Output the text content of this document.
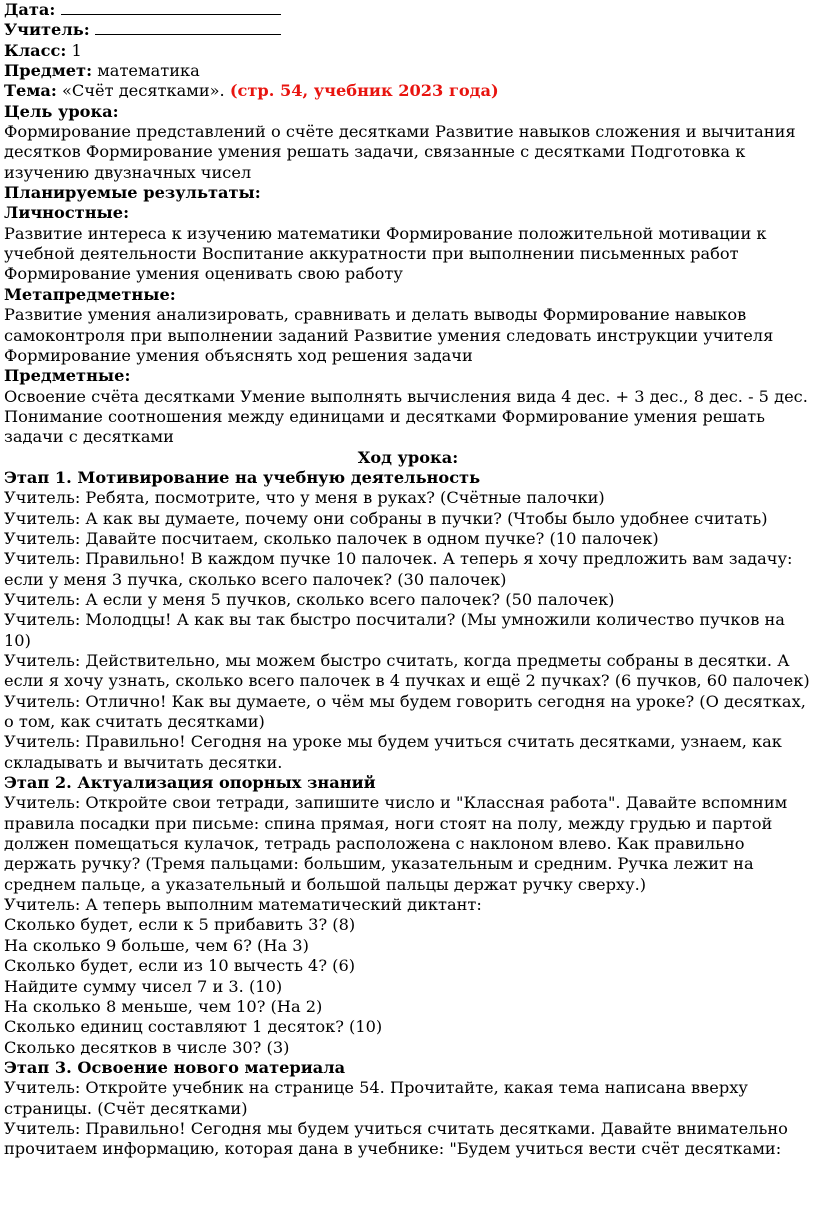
Дата:

Учитель:

Класс: 1

Предмет: математика

Тема: «Счёт десятками». (стр. 54, учебник 2023 года)

Цель урока:

Формирование представлений о счёте десятками Развитие навыков сложения и вычитания десятков Формирование умения решать задачи, связанные с десятками Подготовка к изучению двузначных чисел

Планируемые результаты:

Личностные:

Развитие интереса к изучению математики Формирование положительной мотивации к учебной деятельности Воспитание аккуратности при выполнении письменных работ Формирование умения оценивать свою работу

Метапредметные:

Развитие умения анализировать, сравнивать и делать выводы Формирование навыков самоконтроля при выполнении заданий Развитие умения следовать инструкции учителя Формирование умения объяснять ход решения задачи

Предметные:

Освоение счёта десятками Умение выполнять вычисления вида 4 дес. + 3 дес., 8 дес. - 5 дес. Понимание соотношения между единицами и десятками Формирование умения решать задачи с десятками

Ход урока:

Этап 1. Мотивирование на учебную деятельность

Учитель: Ребята, посмотрите, что у меня в руках? (Счётные палочки)

Учитель: А как вы думаете, почему они собраны в пучки? (Чтобы было удобнее считать)

Учитель: Давайте посчитаем, сколько палочек в одном пучке? (10 палочек)

Учитель: Правильно! В каждом пучке 10 палочек. А теперь я хочу предложить вам задачу: если у меня 3 пучка, сколько всего палочек? (30 палочек)

Учитель: А если у меня 5 пучков, сколько всего палочек? (50 палочек)

Учитель: Молодцы! А как вы так быстро посчитали? (Мы умножили количество пучков на 10)

Учитель: Действительно, мы можем быстро считать, когда предметы собраны в десятки. А если я хочу узнать, сколько всего палочек в 4 пучках и ещё 2 пучках? (6 пучков, 60 палочек)

Учитель: Отлично! Как вы думаете, о чём мы будем говорить сегодня на уроке? (О десятках, о том, как считать десятками)

Учитель: Правильно! Сегодня на уроке мы будем учиться считать десятками, узнаем, как складывать и вычитать десятки.

Этап 2. Актуализация опорных знаний

Учитель: Откройте свои тетради, запишите число и "Классная работа". Давайте вспомним правила посадки при письме: спина прямая, ноги стоят на полу, между грудью и партой должен помещаться кулачок, тетрадь расположена с наклоном влево. Как правильно держать ручку? (Тремя пальцами: большим, указательным и средним. Ручка лежит на среднем пальце, а указательный и большой пальцы держат ручку сверху.)

Учитель: А теперь выполним математический диктант:

Сколько будет, если к 5 прибавить 3? (8)

На сколько 9 больше, чем 6? (На 3)

Сколько будет, если из 10 вычесть 4? (6)

Найдите сумму чисел 7 и 3. (10)

На сколько 8 меньше, чем 10? (На 2)

Сколько единиц составляют 1 десяток? (10)

Сколько десятков в числе 30? (3)

Этап 3. Освоение нового материала

Учитель: Откройте учебник на странице 54. Прочитайте, какая тема написана вверху страницы. (Счёт десятками)

Учитель: Правильно! Сегодня мы будем учиться считать десятками. Давайте внимательно прочитаем информацию, которая дана в учебнике: "Будем учиться вести счёт десятками:
